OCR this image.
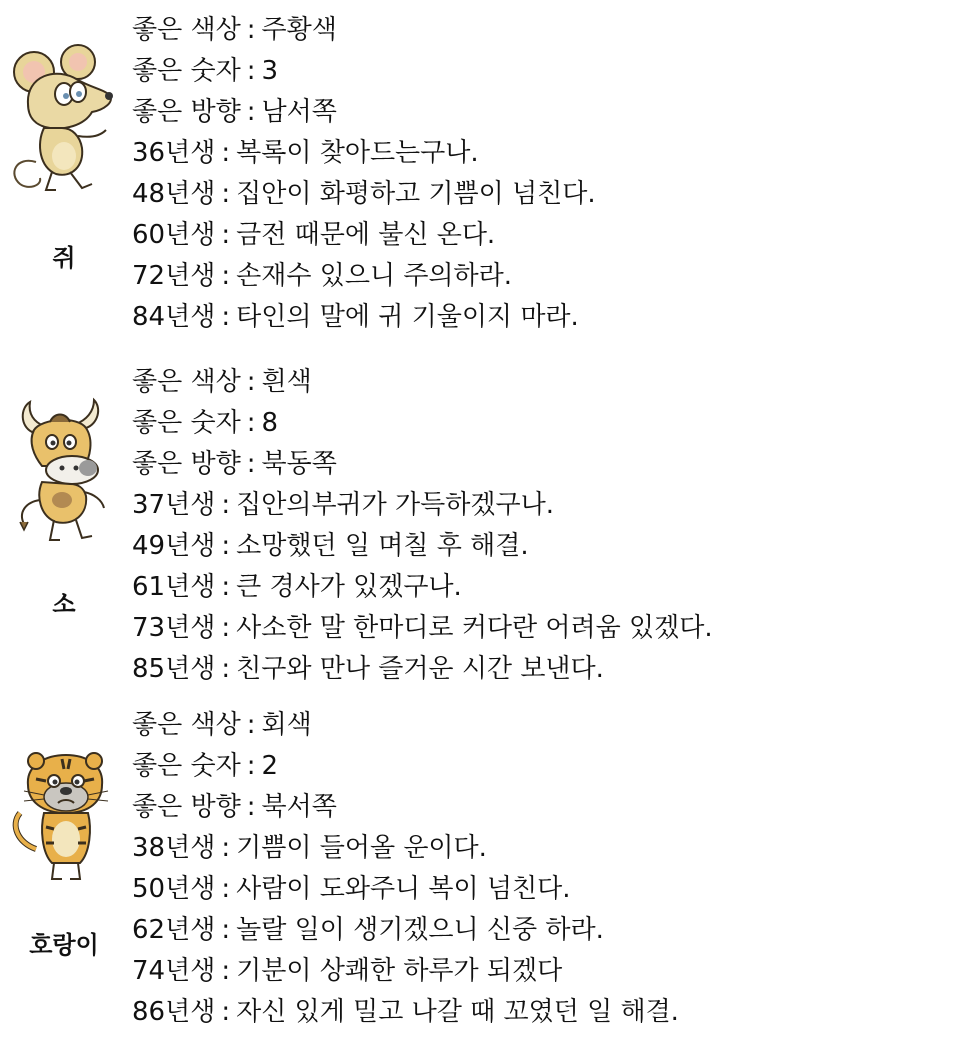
쥐
좋은 색상 : 주황색
좋은 숫자 : 3
좋은 방향 : 남서쪽
36년생 : 복록이 찾아드는구나.
48년생 : 집안이 화평하고 기쁨이 넘친다.
60년생 : 금전 때문에 불신 온다.
72년생 : 손재수 있으니 주의하라.
84년생 : 타인의 말에 귀 기울이지 마라.
소
좋은 색상 : 흰색
좋은 숫자 : 8
좋은 방향 : 북동쪽
37년생 : 집안의부귀가 가득하겠구나.
49년생 : 소망했던 일 며칠 후 해결.
61년생 : 큰 경사가 있겠구나.
73년생 : 사소한 말 한마디로 커다란 어려움 있겠다.
85년생 : 친구와 만나 즐거운 시간 보낸다.
호랑이
좋은 색상 : 회색
좋은 숫자 : 2
좋은 방향 : 북서쪽
38년생 : 기쁨이 들어올 운이다.
50년생 : 사람이 도와주니 복이 넘친다.
62년생 : 놀랄 일이 생기겠으니 신중 하라.
74년생 : 기분이 상쾌한 하루가 되겠다
86년생 : 자신 있게 밀고 나갈 때 꼬였던 일 해결.
